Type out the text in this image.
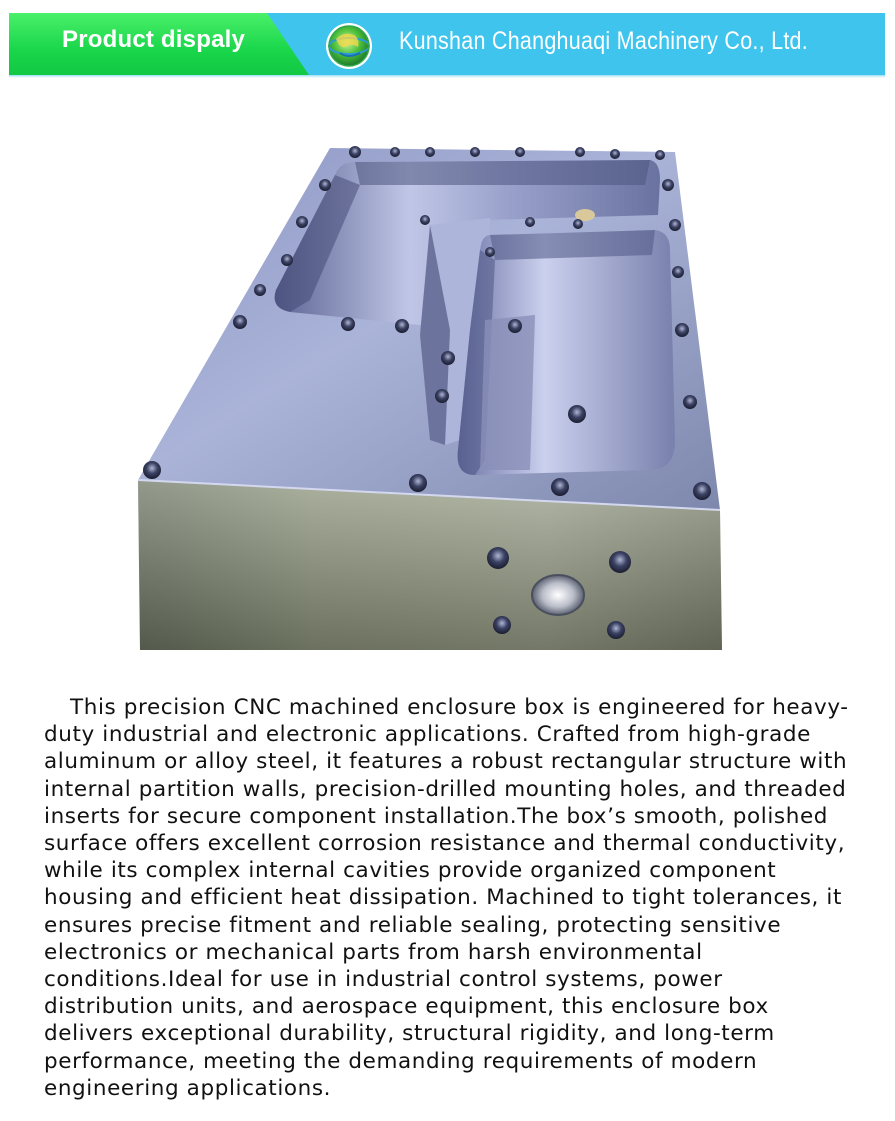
Product dispaly	Kunshan Changhuaqi Machinery Co., Ltd.

This precision CNC machined enclosure box is engineered for heavy-duty industrial and electronic applications. Crafted from high-grade aluminum or alloy steel, it features a robust rectangular structure with internal partition walls, precision-drilled mounting holes, and threaded inserts for secure component installation.The box’s smooth, polished surface offers excellent corrosion resistance and thermal conductivity, while its complex internal cavities provide organized component housing and efficient heat dissipation. Machined to tight tolerances, it ensures precise fitment and reliable sealing, protecting sensitive electronics or mechanical parts from harsh environmental conditions.Ideal for use in industrial control systems, power distribution units, and aerospace equipment, this enclosure box delivers exceptional durability, structural rigidity, and long-term performance, meeting the demanding requirements of modern engineering applications.
